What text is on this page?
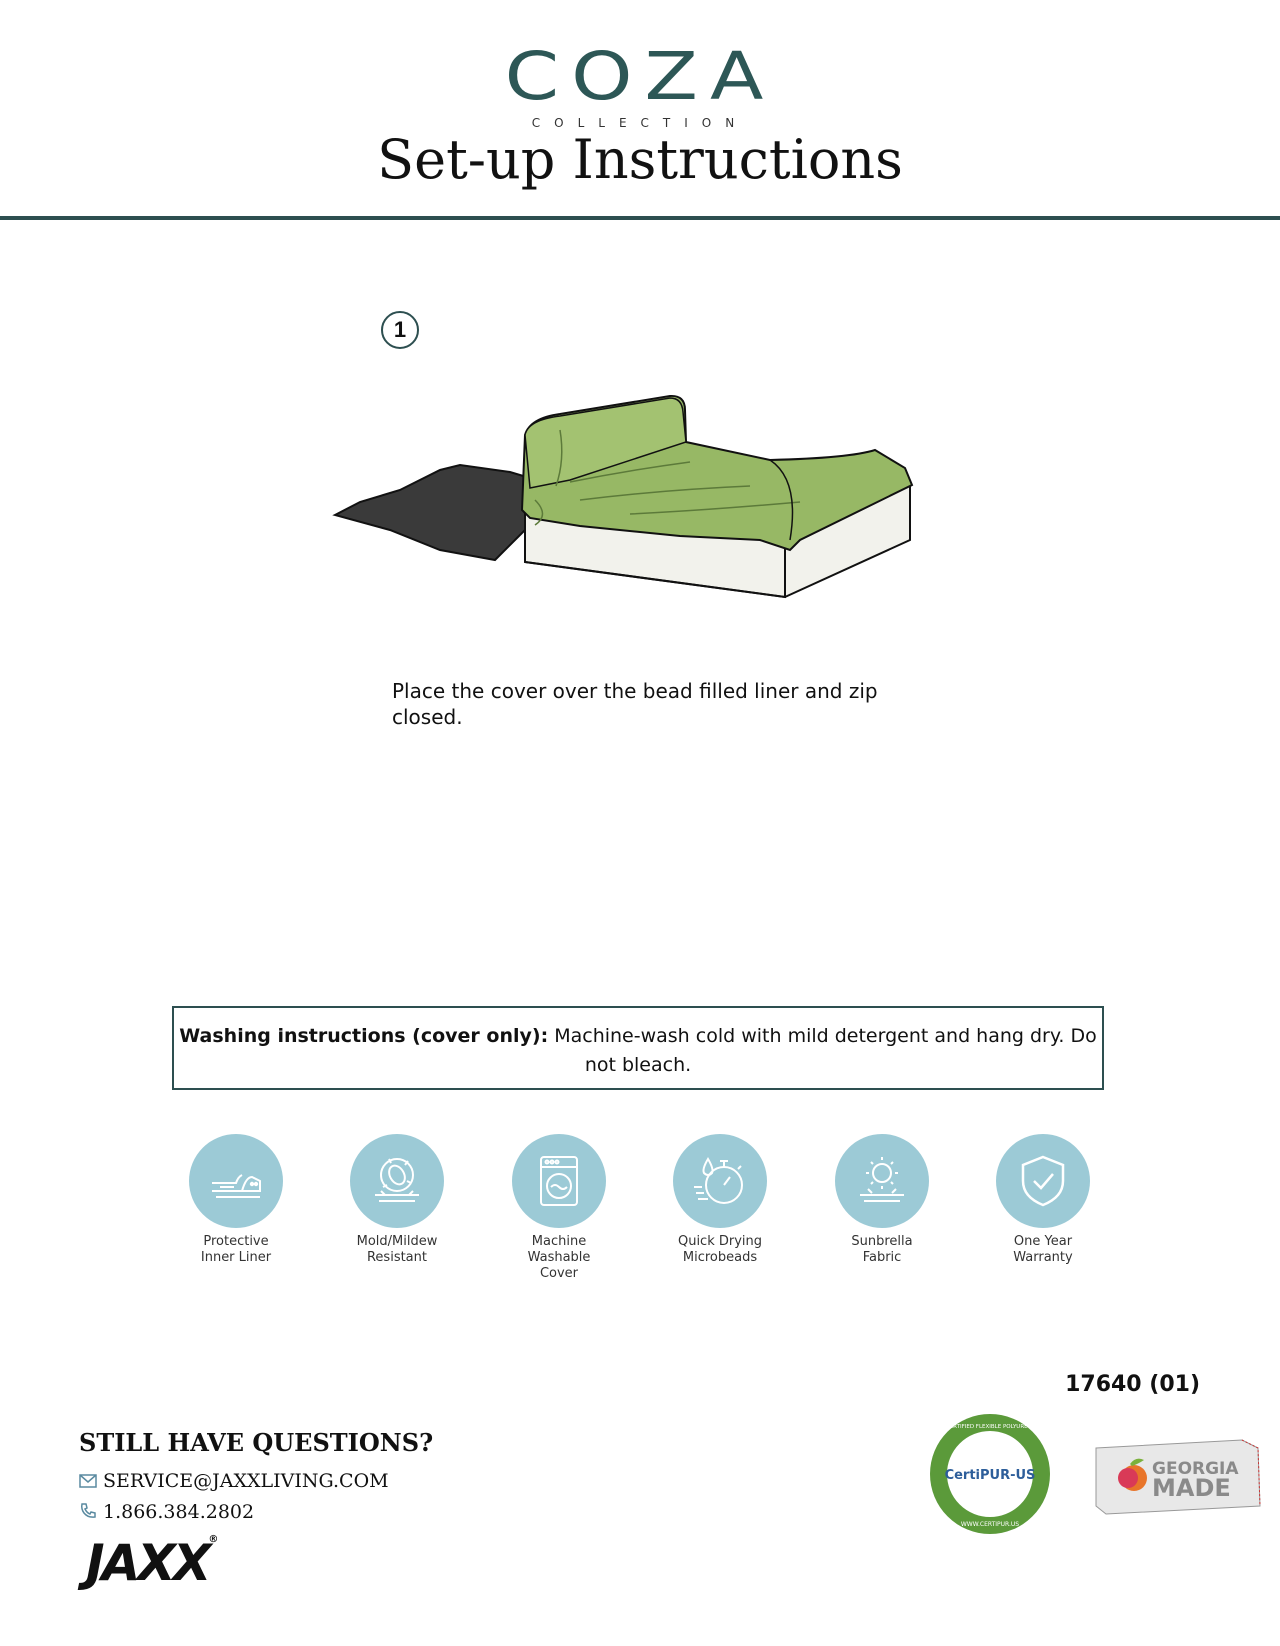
COZA
COLLECTION
Set-up Instructions
1
Place the cover over the bead filled liner and zip closed.
Washing instructions (cover only): Machine-wash cold with mild detergent and hang dry. Do not bleach.
Protective
Inner Liner
Mold/Mildew
Resistant
Machine
Washable
Cover
Quick Drying
Microbeads
Sunbrella
Fabric
One Year
Warranty
17640 (01)
STILL HAVE QUESTIONS?
SERVICE@JAXXLIVING.COM
1.866.384.2802
JAXX®
CertiPUR-US
CONTAINS CERTIFIED FLEXIBLE POLYURETHANE FOAM
WWW.CERTIPUR.US
GEORGIA
MADE
